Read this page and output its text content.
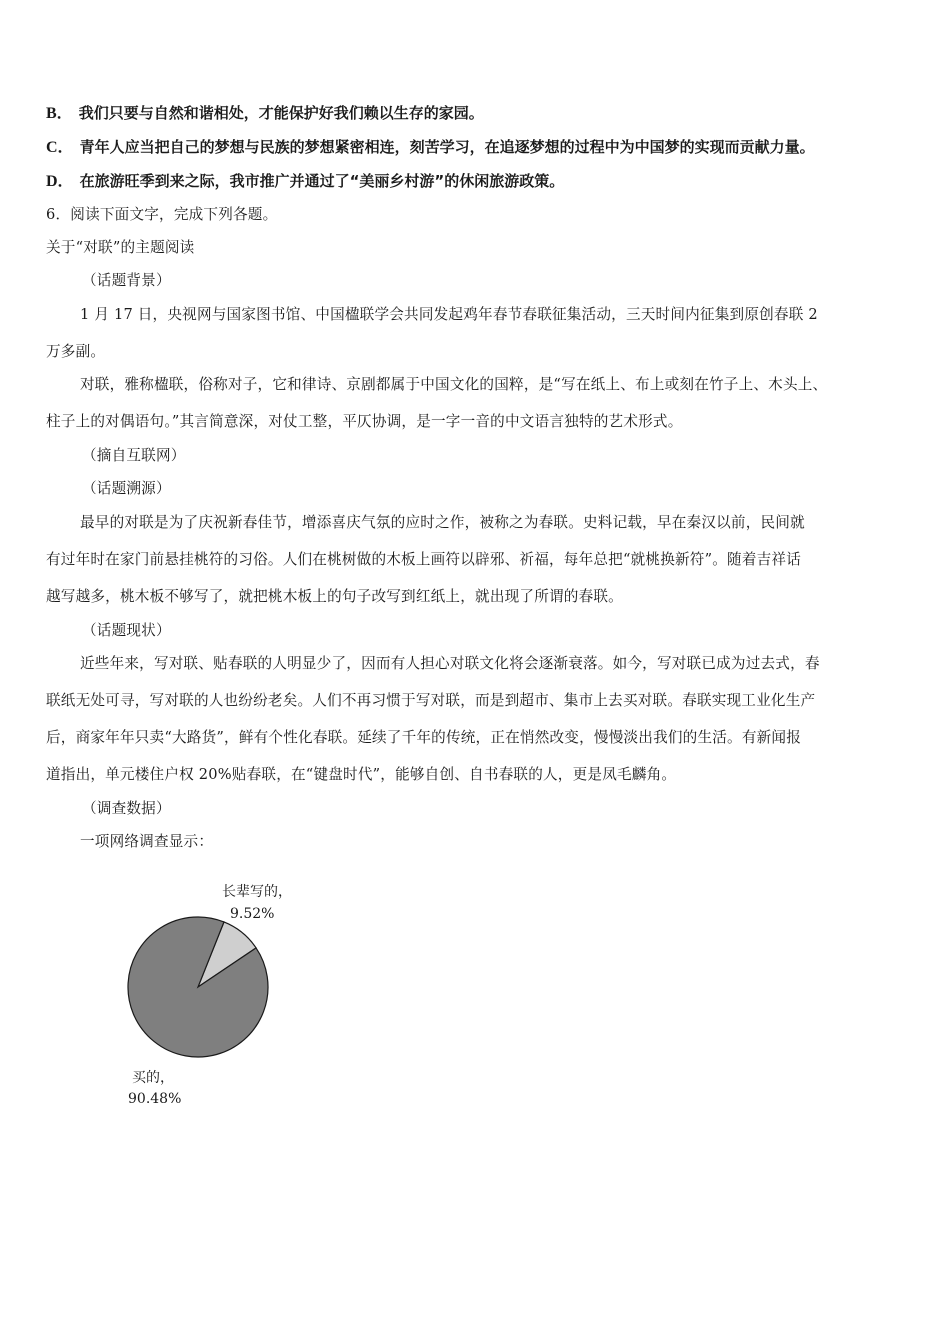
B． 我们只要与自然和谐相处，才能保护好我们赖以生存的家园。
C． 青年人应当把自己的梦想与民族的梦想紧密相连，刻苦学习，在追逐梦想的过程中为中国梦的实现而贡献力量。
D． 在旅游旺季到来之际，我市推广并通过了“美丽乡村游”的休闲旅游政策。
6．阅读下面文字，完成下列各题。
关于“对联”的主题阅读
（话题背景）
1 月 17 日，央视网与国家图书馆、中国楹联学会共同发起鸡年春节春联征集活动，三天时间内征集到原创春联 2
万多副。
对联，雅称楹联，俗称对子，它和律诗、京剧都属于中国文化的国粹，是“写在纸上、布上或刻在竹子上、木头上、
柱子上的对偶语句。”其言简意深，对仗工整，平仄协调，是一字一音的中文语言独特的艺术形式。
（摘自互联网）
（话题溯源）
最早的对联是为了庆祝新春佳节，增添喜庆气氛的应时之作，被称之为春联。史料记载，早在秦汉以前，民间就
有过年时在家门前悬挂桃符的习俗。人们在桃树做的木板上画符以辟邪、祈福，每年总把“就桃换新符”。随着吉祥话
越写越多，桃木板不够写了，就把桃木板上的句子改写到红纸上，就出现了所谓的春联。
（话题现状）
近些年来，写对联、贴春联的人明显少了，因而有人担心对联文化将会逐渐衰落。如今，写对联已成为过去式，春
联纸无处可寻，写对联的人也纷纷老矣。人们不再习惯于写对联，而是到超市、集市上去买对联。春联实现工业化生产
后，商家年年只卖“大路货”，鲜有个性化春联。延续了千年的传统，正在悄然改变，慢慢淡出我们的生活。有新闻报
道指出，单元楼住户权 20%贴春联，在“键盘时代”，能够自创、自书春联的人，更是凤毛麟角。
（调查数据）
一项网络调查显示：
长辈写的，
9.52%
买的，
90.48%
